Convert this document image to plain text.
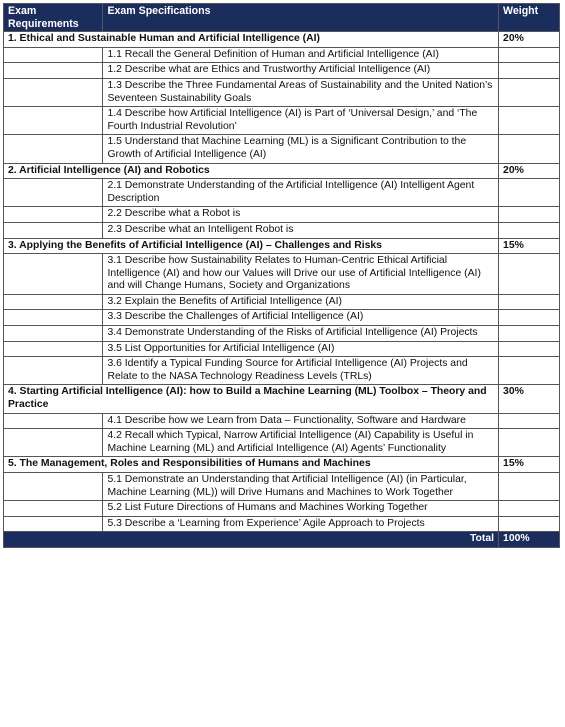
Exam Requirements	Exam Specifications	Weight
1. Ethical and Sustainable Human and Artificial Intelligence (AI)		20%
	1.1 Recall the General Definition of Human and Artificial Intelligence (AI)	
	1.2 Describe what are Ethics and Trustworthy Artificial Intelligence (AI)	
	1.3 Describe the Three Fundamental Areas of Sustainability and the United Nation’s Seventeen Sustainability Goals	
	1.4 Describe how Artificial Intelligence (AI) is Part of ‘Universal Design,’ and ‘The Fourth Industrial Revolution’	
	1.5 Understand that Machine Learning (ML) is a Significant Contribution to the Growth of Artificial Intelligence (AI)	
2. Artificial Intelligence (AI) and Robotics		20%
	2.1 Demonstrate Understanding of the Artificial Intelligence (AI) Intelligent Agent Description	
	2.2 Describe what a Robot is	
	2.3 Describe what an Intelligent Robot is	
3. Applying the Benefits of Artificial Intelligence (AI) – Challenges and Risks		15%
	3.1 Describe how Sustainability Relates to Human-Centric Ethical Artificial Intelligence (AI) and how our Values will Drive our use of Artificial Intelligence (AI) and will Change Humans, Society and Organizations	
	3.2 Explain the Benefits of Artificial Intelligence (AI)	
	3.3 Describe the Challenges of Artificial Intelligence (AI)	
	3.4 Demonstrate Understanding of the Risks of Artificial Intelligence (AI) Projects	
	3.5 List Opportunities for Artificial Intelligence (AI)	
	3.6 Identify a Typical Funding Source for Artificial Intelligence (AI) Projects and Relate to the NASA Technology Readiness Levels (TRLs)	
4. Starting Artificial Intelligence (AI): how to Build a Machine Learning (ML) Toolbox – Theory and Practice		30%
	4.1 Describe how we Learn from Data – Functionality, Software and Hardware	
	4.2 Recall which Typical, Narrow Artificial Intelligence (AI) Capability is Useful in Machine Learning (ML) and Artificial Intelligence (AI) Agents’ Functionality	
5. The Management, Roles and Responsibilities of Humans and Machines		15%
	5.1 Demonstrate an Understanding that Artificial Intelligence (AI) (in Particular, Machine Learning (ML)) will Drive Humans and Machines to Work Together	
	5.2 List Future Directions of Humans and Machines Working Together	
	5.3 Describe a ‘Learning from Experience’ Agile Approach to Projects	
Total		100%
